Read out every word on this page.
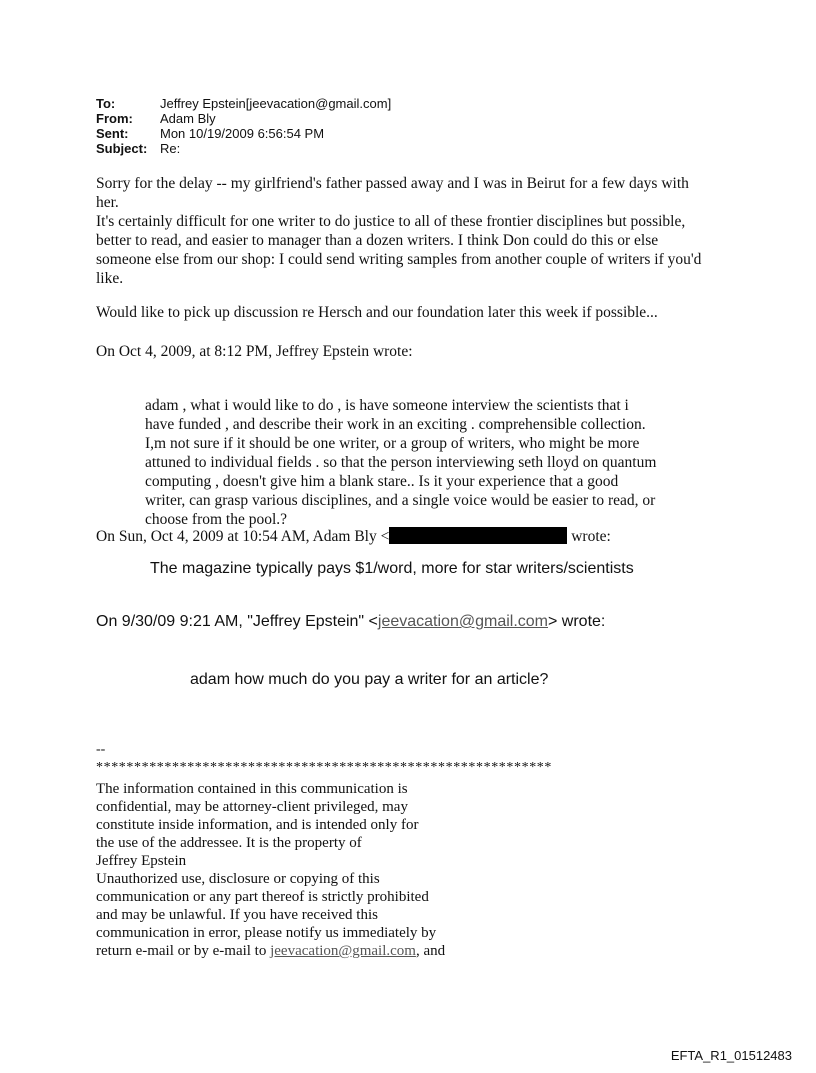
To:	Jeffrey Epstein[jeevacation@gmail.com]
From:	Adam Bly
Sent:	Mon 10/19/2009 6:56:54 PM
Subject: Re:
Sorry for the delay -- my girlfriend's father passed away and I was in Beirut for a few days with
her.
It's certainly difficult for one writer to do justice to all of these frontier disciplines but possible,
better to read, and easier to manager than a dozen writers. I think Don could do this or else
someone else from our shop: I could send writing samples from another couple of writers if you'd
like.
Would like to pick up discussion re Hersch and our foundation later this week if possible...
On Oct 4, 2009, at 8:12 PM, Jeffrey Epstein wrote:
adam , what i would like to do , is have someone interview the scientists that i
have funded , and describe their work in an exciting . comprehensible collection.
I,m not sure if it should be one writer, or a group of writers, who might be more
attuned to individual fields . so that the person interviewing seth lloyd on quantum
computing , doesn't give him a blank stare.. Is it your experience that a good
writer, can grasp various disciplines, and a single voice would be easier to read, or
choose from the pool.?
On Sun, Oct 4, 2009 at 10:54 AM, Adam Bly <	wrote:
The magazine typically pays $1/word, more for star writers/scientists
On 9/30/09 9:21 AM, "Jeffrey Epstein" <jeevacation@gmail.com> wrote:
adam how much do you pay a writer for an article?
--
************************************************************
The information contained in this communication is
confidential, may be attorney-client privileged, may
constitute inside information, and is intended only for
the use of the addressee. It is the property of
Jeffrey Epstein
Unauthorized use, disclosure or copying of this
communication or any part thereof is strictly prohibited
and may be unlawful. If you have received this
communication in error, please notify us immediately by
return e-mail or by e-mail to jeevacation@gmail.com, and
EFTA_R1_01512483
